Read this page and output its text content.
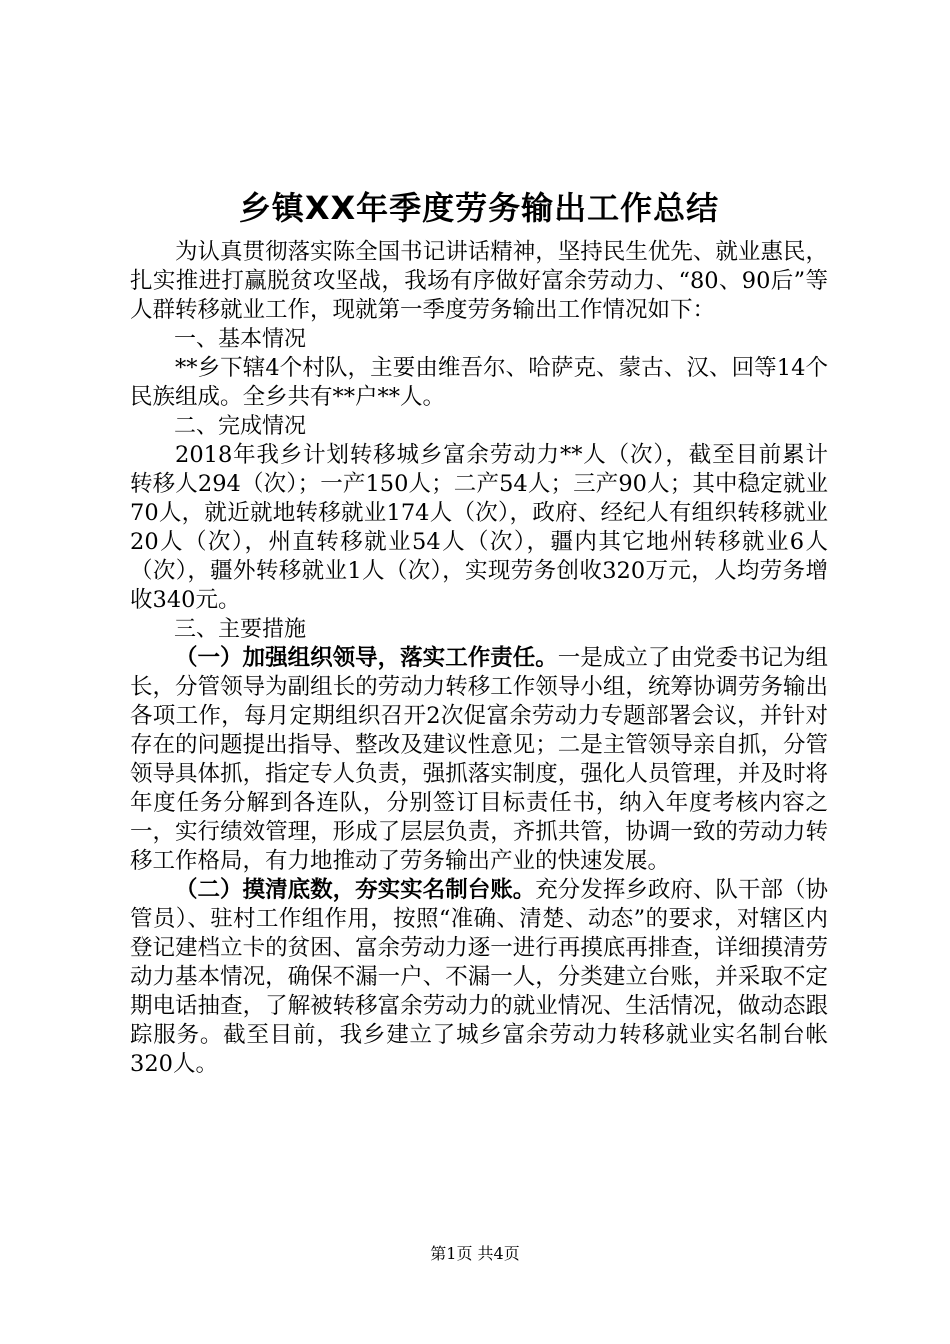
乡镇XX年季度劳务输出工作总结

为认真贯彻落实陈全国书记讲话精神，坚持民生优先、就业惠民，扎实推进打赢脱贫攻坚战，我场有序做好富余劳动力、“80、90后”等人群转移就业工作，现就第一季度劳务输出工作情况如下：

一、基本情况

**乡下辖4个村队，主要由维吾尔、哈萨克、蒙古、汉、回等14个民族组成。全乡共有**户**人。

二、完成情况

2018年我乡计划转移城乡富余劳动力**人（次），截至目前累计转移人294（次）；一产150人；二产54人；三产90人；其中稳定就业70人，就近就地转移就业174人（次），政府、经纪人有组织转移就业20人（次），州直转移就业54人（次），疆内其它地州转移就业6人（次），疆外转移就业1人（次），实现劳务创收320万元，人均劳务增收340元。

三、主要措施

（一）加强组织领导，落实工作责任。一是成立了由党委书记为组长，分管领导为副组长的劳动力转移工作领导小组，统筹协调劳务输出各项工作，每月定期组织召开2次促富余劳动力专题部署会议，并针对存在的问题提出指导、整改及建议性意见；二是主管领导亲自抓，分管领导具体抓，指定专人负责，强抓落实制度，强化人员管理，并及时将年度任务分解到各连队，分别签订目标责任书，纳入年度考核内容之一，实行绩效管理，形成了层层负责，齐抓共管，协调一致的劳动力转移工作格局，有力地推动了劳务输出产业的快速发展。

（二）摸清底数，夯实实名制台账。充分发挥乡政府、队干部（协管员）、驻村工作组作用，按照“准确、清楚、动态”的要求，对辖区内登记建档立卡的贫困、富余劳动力逐一进行再摸底再排查，详细摸清劳动力基本情况，确保不漏一户、不漏一人，分类建立台账，并采取不定期电话抽查，了解被转移富余劳动力的就业情况、生活情况，做动态跟踪服务。截至目前，我乡建立了城乡富余劳动力转移就业实名制台帐320人。

第1页 共4页
